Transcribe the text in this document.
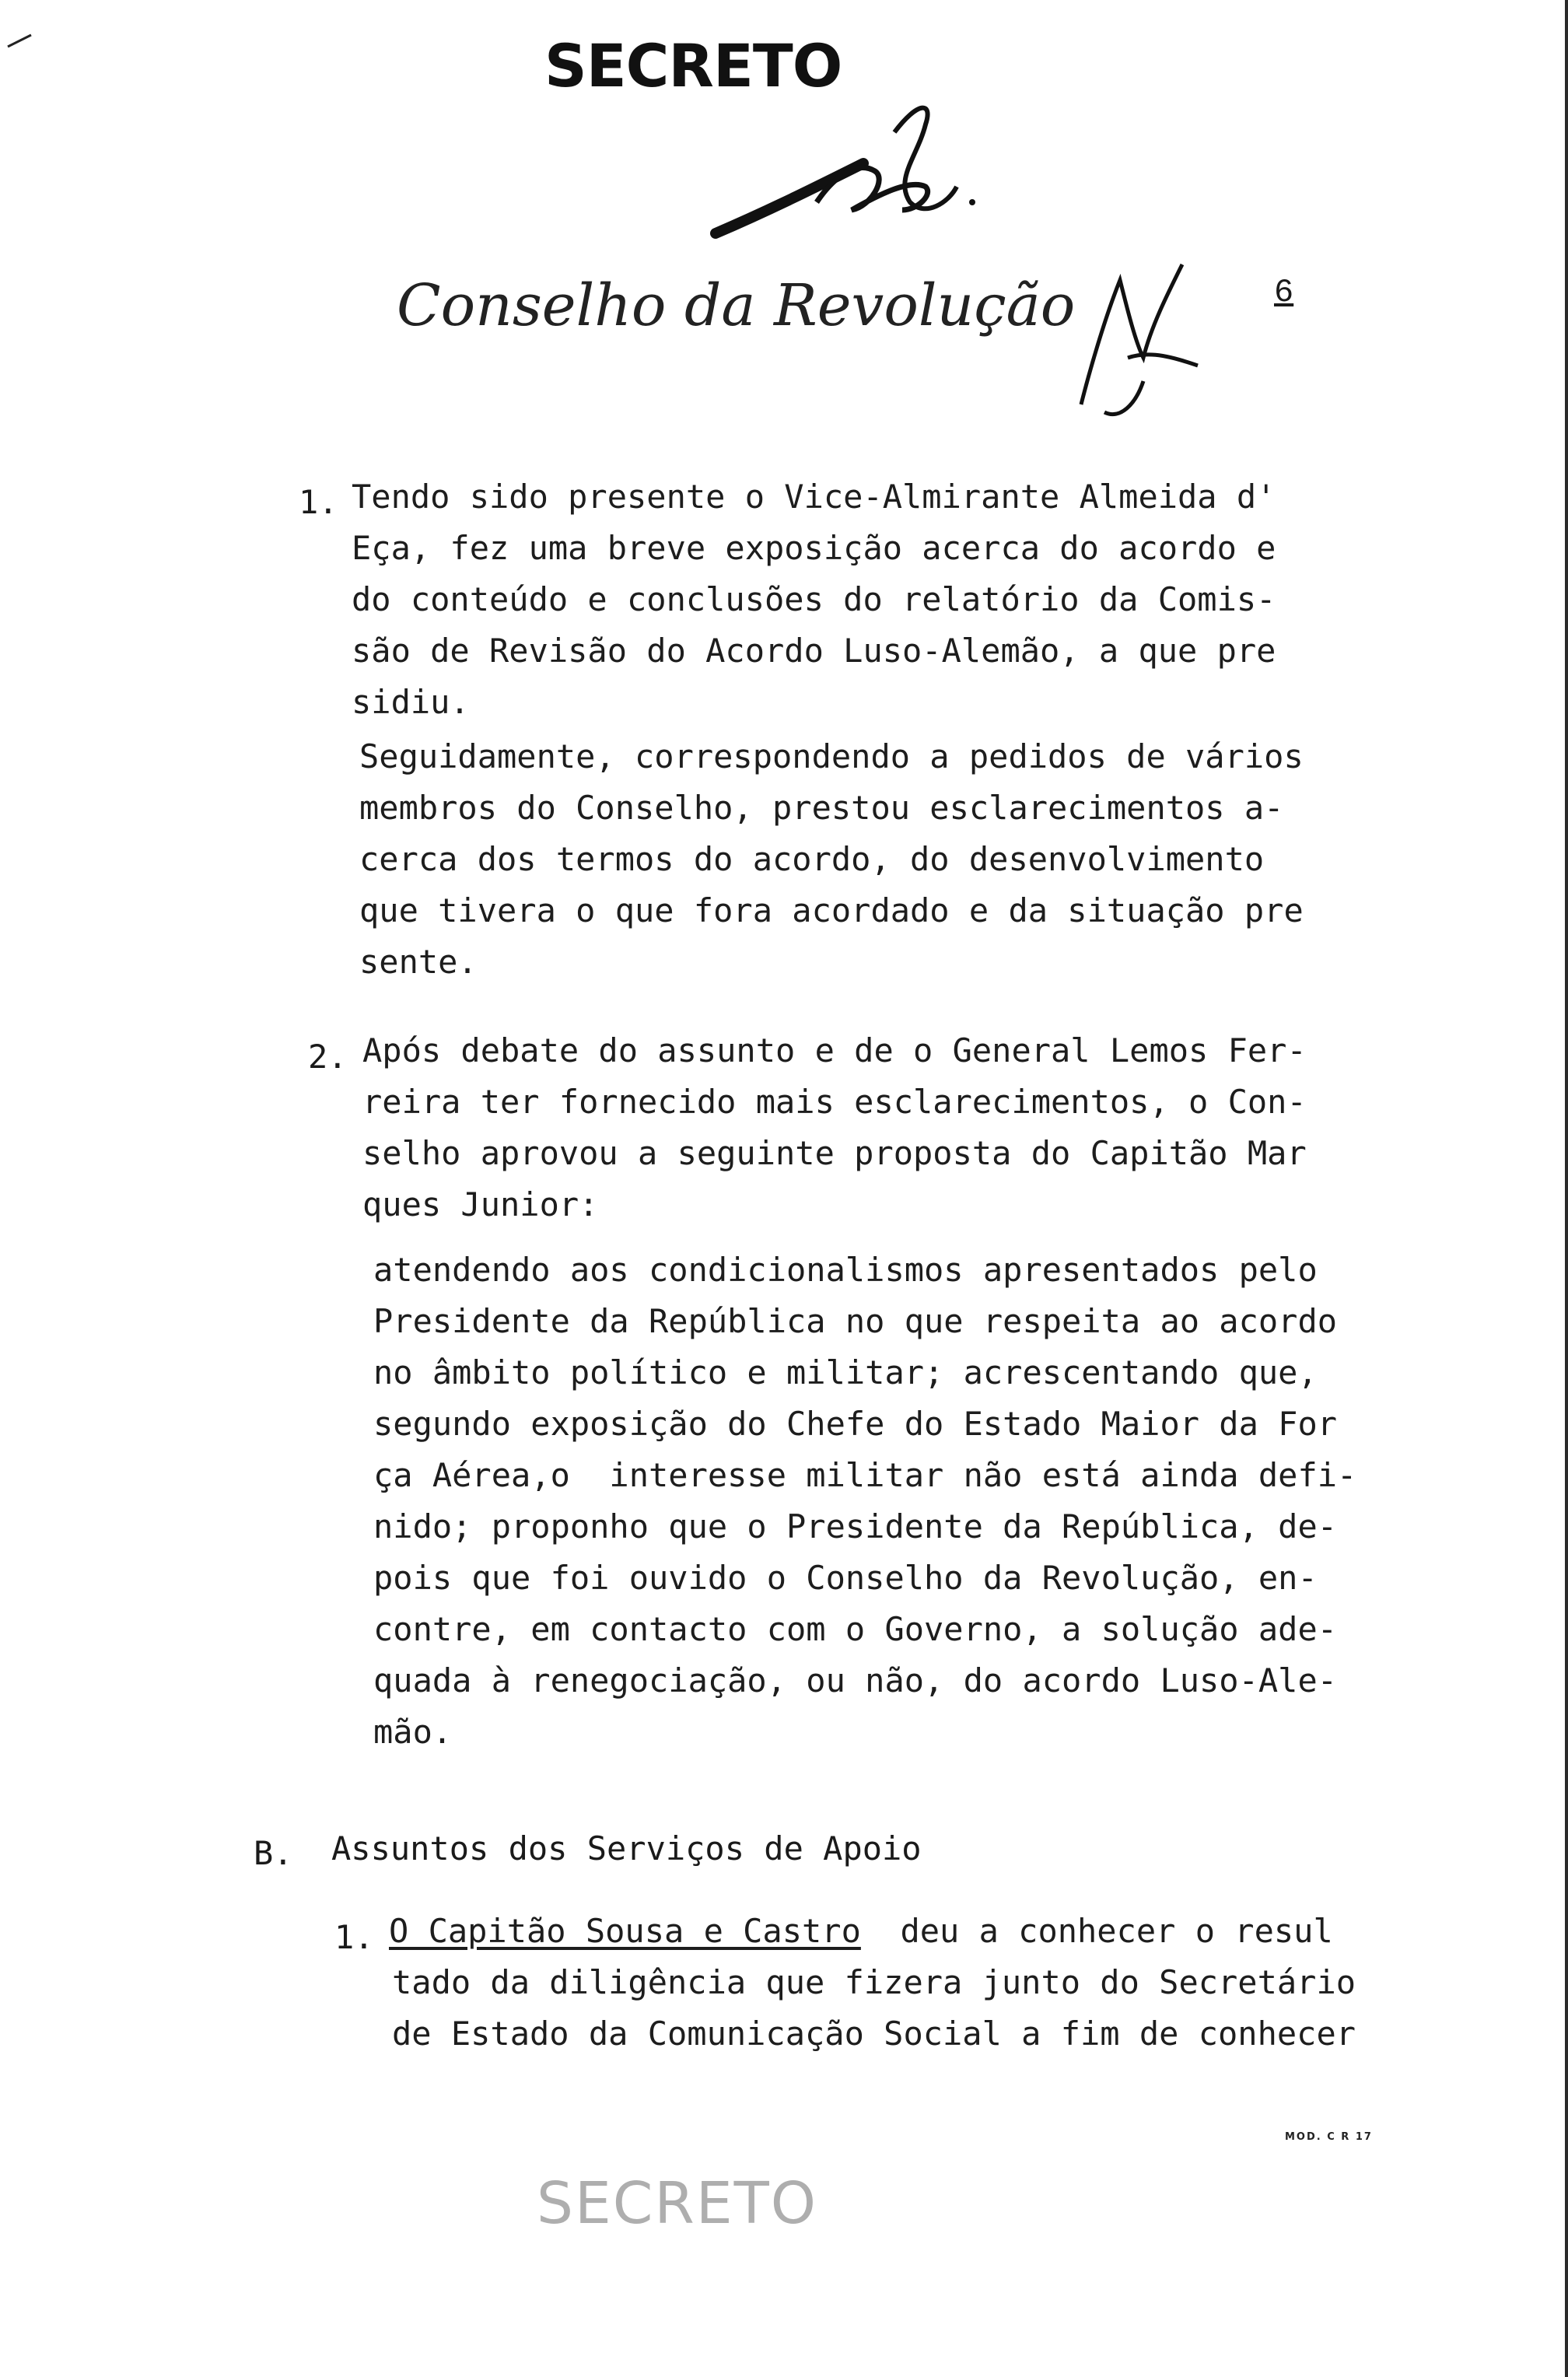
SECRETO
Conselho da Revolução	6
1. Tendo sido presente o Vice-Almirante Almeida d'
Eça, fez uma breve exposição acerca do acordo e
do conteúdo e conclusões do relatório da Comis-
são de Revisão do Acordo Luso-Alemão, a que pre
sidiu.
Seguidamente, correspondendo a pedidos de vários
membros do Conselho, prestou esclarecimentos a-
cerca dos termos do acordo, do desenvolvimento
que tivera o que fora acordado e da situação pre
sente.
2. Após debate do assunto e de o General Lemos Fer-
reira ter fornecido mais esclarecimentos, o Con-
selho aprovou a seguinte proposta do Capitão Mar
ques Junior:
atendendo aos condicionalismos apresentados pelo
Presidente da República no que respeita ao acordo
no âmbito político e militar; acrescentando que,
segundo exposição do Chefe do Estado Maior da For
ça Aérea,o  interesse militar não está ainda defi-
nido; proponho que o Presidente da República, de-
pois que foi ouvido o Conselho da Revolução, en-
contre, em contacto com o Governo, a solução ade-
quada à renegociação, ou não, do acordo Luso-Ale-
mão.
B. Assuntos dos Serviços de Apoio
1. O Capitão Sousa e Castro  deu a conhecer o resul
tado da diligência que fizera junto do Secretário
de Estado da Comunicação Social a fim de conhecer
MOD. C R 17
SECRETO
